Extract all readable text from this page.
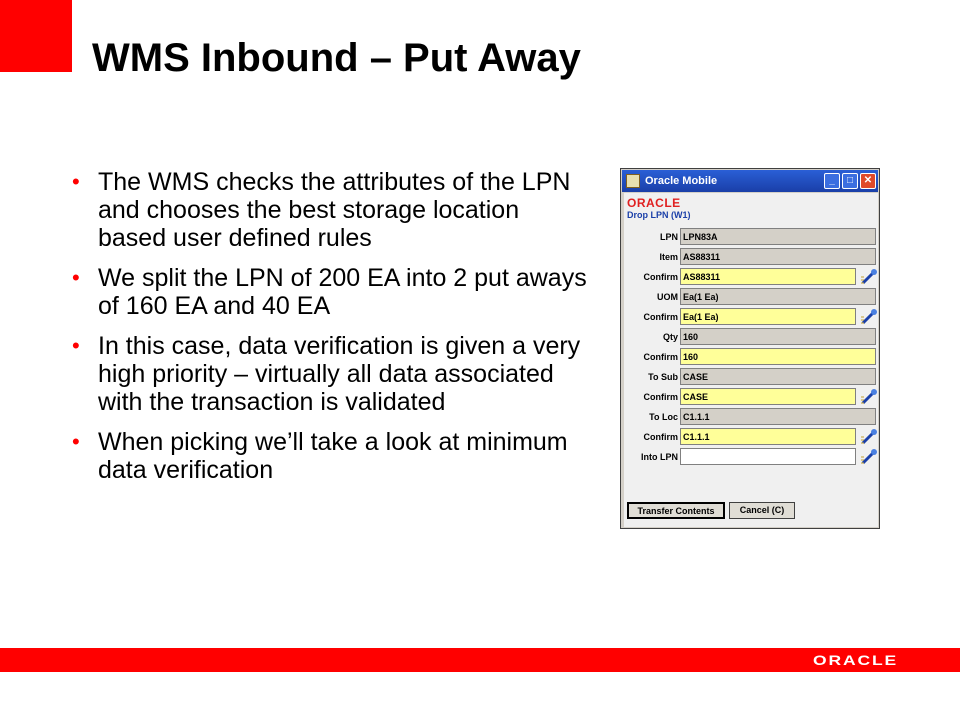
WMS Inbound – Put Away
• The WMS checks the attributes of the LPN and chooses the best storage location based user defined rules
• We split the LPN of 200 EA into 2 put aways of 160 EA and 40 EA
• In this case, data verification is given a very high priority – virtually all data associated with the transaction is validated
• When picking we’ll take a look at minimum data verification
Oracle Mobile	_	□	✕
ORACLE
Drop LPN (W1)
LPN LPN83A
Item AS88311
Confirm AS88311
UOM Ea(1 Ea)
Confirm Ea(1 Ea)
Qty 160
Confirm 160
To Sub CASE
Confirm CASE
To Loc C1.1.1
Confirm C1.1.1
Into LPN
Transfer Contents	Cancel (C)
ORACLE
